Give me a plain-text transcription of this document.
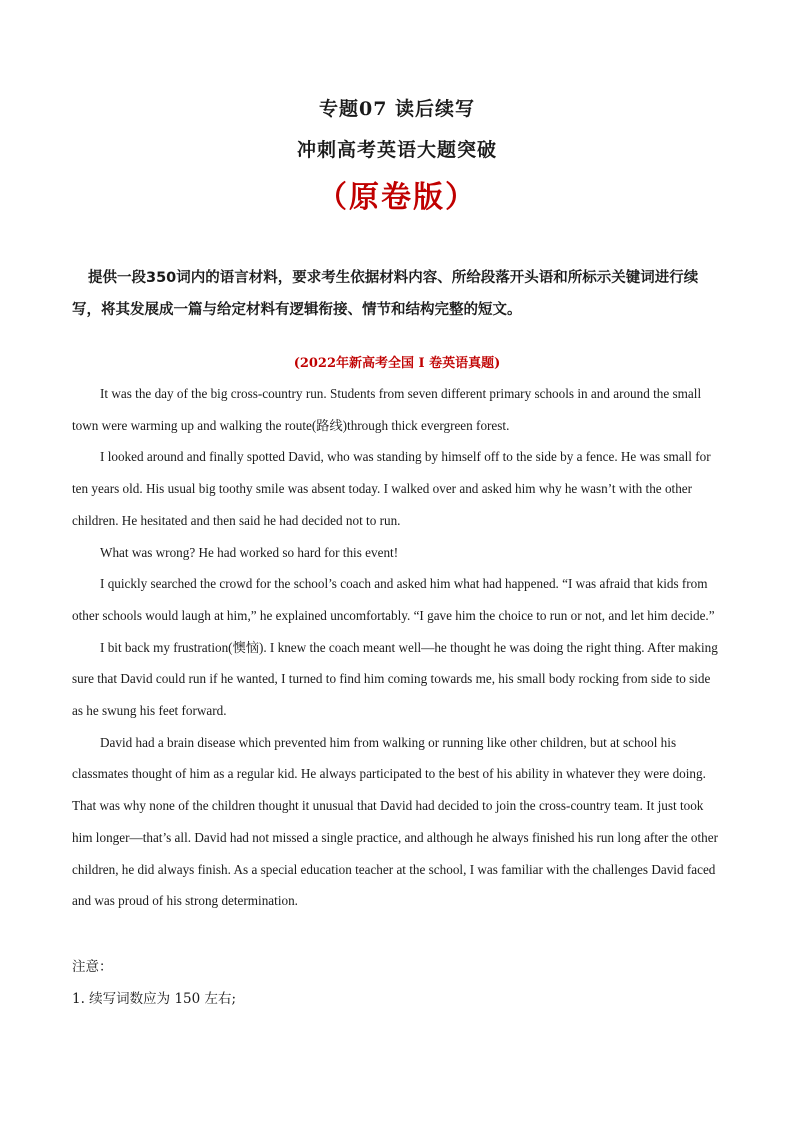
专题07 读后续写
冲刺高考英语大题突破
（原卷版）
提供一段350词内的语言材料，要求考生依据材料内容、所给段落开头语和所标示关键词进行续写，将其发展成一篇与给定材料有逻辑衔接、情节和结构完整的短文。
(2022年新高考全国 I 卷英语真题)

It was the day of the big cross-country run. Students from seven different primary schools in and around the small town were warming up and walking the route(路线)through thick evergreen forest.

I looked around and finally spotted David, who was standing by himself off to the side by a fence. He was small for ten years old. His usual big toothy smile was absent today. I walked over and asked him why he wasn’t with the other children. He hesitated and then said he had decided not to run.

What was wrong? He had worked so hard for this event!

I quickly searched the crowd for the school’s coach and asked him what had happened. “I was afraid that kids from other schools would laugh at him,” he explained uncomfortably. “I gave him the choice to run or not, and let him decide.”

I bit back my frustration(懊恼). I knew the coach meant well—he thought he was doing the right thing. After making sure that David could run if he wanted, I turned to find him coming towards me, his small body rocking from side to side as he swung his feet forward.

David had a brain disease which prevented him from walking or running like other children, but at school his classmates thought of him as a regular kid. He always participated to the best of his ability in whatever they were doing. That was why none of the children thought it unusual that David had decided to join the cross-country team. It just took him longer—that’s all. David had not missed a single practice, and although he always finished his run long after the other children, he did always finish. As a special education teacher at the school, I was familiar with the challenges David faced and was proud of his strong determination.

注意：
1. 续写词数应为 150 左右;
